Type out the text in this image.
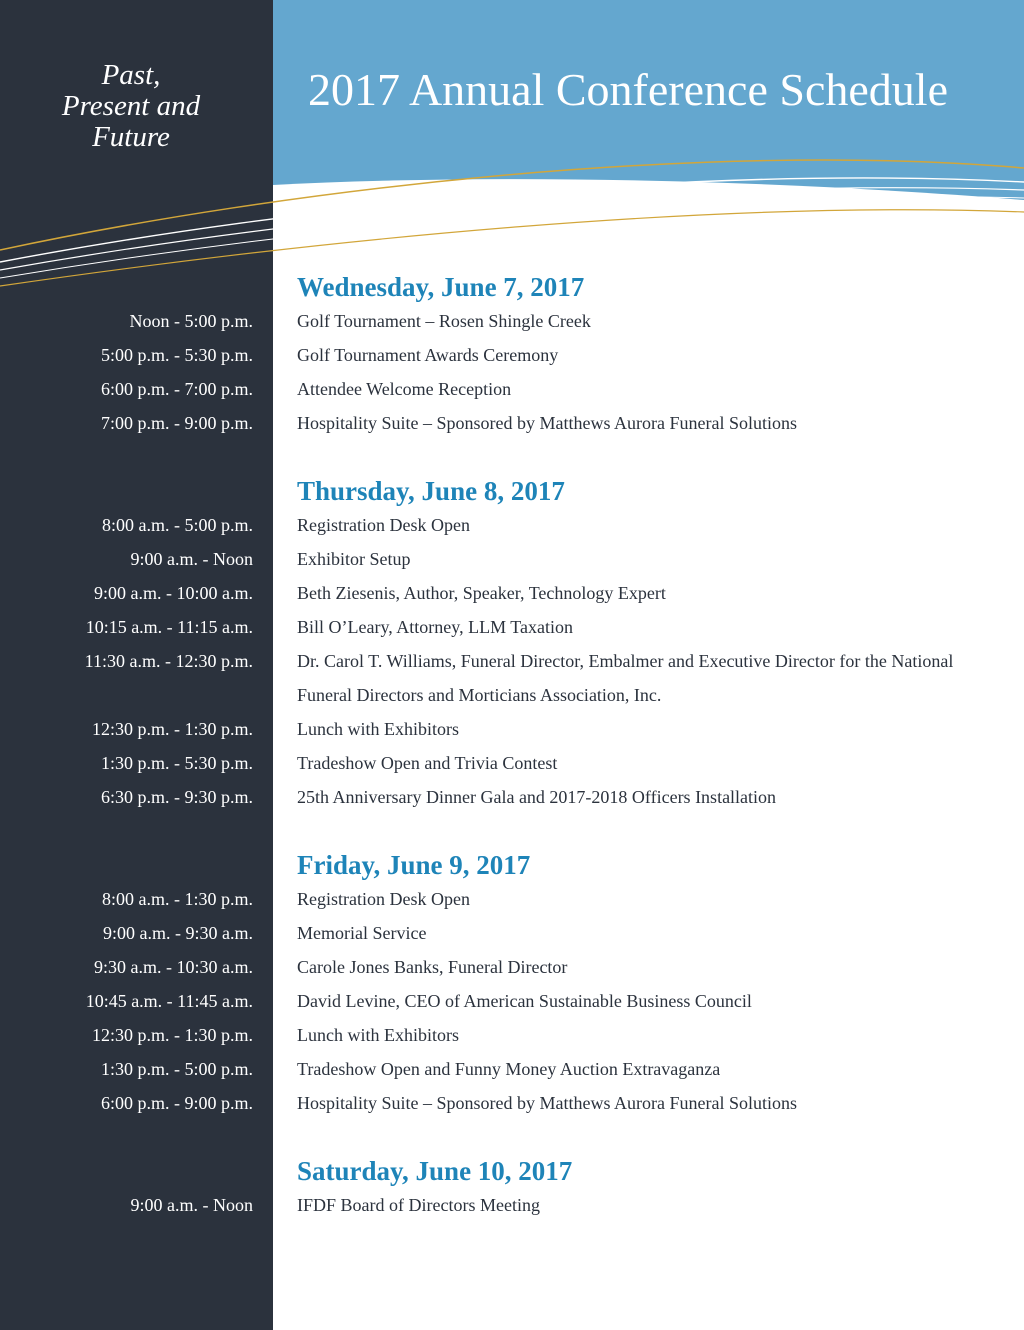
Past,
Present and
Future
2017 Annual Conference Schedule
Wednesday, June 7, 2017
Noon - 5:00 p.m. Golf Tournament – Rosen Shingle Creek
5:00 p.m. - 5:30 p.m. Golf Tournament Awards Ceremony
6:00 p.m. - 7:00 p.m. Attendee Welcome Reception
7:00 p.m. - 9:00 p.m. Hospitality Suite – Sponsored by Matthews Aurora Funeral Solutions
Thursday, June 8, 2017
8:00 a.m. - 5:00 p.m. Registration Desk Open
9:00 a.m. - Noon Exhibitor Setup
9:00 a.m. - 10:00 a.m. Beth Ziesenis, Author, Speaker, Technology Expert
10:15 a.m. - 11:15 a.m. Bill O’Leary, Attorney, LLM Taxation
11:30 a.m. - 12:30 p.m. Dr. Carol T. Williams, Funeral Director, Embalmer and Executive Director for the National Funeral Directors and Morticians Association, Inc.
12:30 p.m. - 1:30 p.m. Lunch with Exhibitors
1:30 p.m. - 5:30 p.m. Tradeshow Open and Trivia Contest
6:30 p.m. - 9:30 p.m. 25th Anniversary Dinner Gala and 2017-2018 Officers Installation
Friday, June 9, 2017
8:00 a.m. - 1:30 p.m. Registration Desk Open
9:00 a.m. - 9:30 a.m. Memorial Service
9:30 a.m. - 10:30 a.m. Carole Jones Banks, Funeral Director
10:45 a.m. - 11:45 a.m. David Levine, CEO of American Sustainable Business Council
12:30 p.m. - 1:30 p.m. Lunch with Exhibitors
1:30 p.m. - 5:00 p.m. Tradeshow Open and Funny Money Auction Extravaganza
6:00 p.m. - 9:00 p.m. Hospitality Suite – Sponsored by Matthews Aurora Funeral Solutions
Saturday, June 10, 2017
9:00 a.m. - Noon IFDF Board of Directors Meeting
